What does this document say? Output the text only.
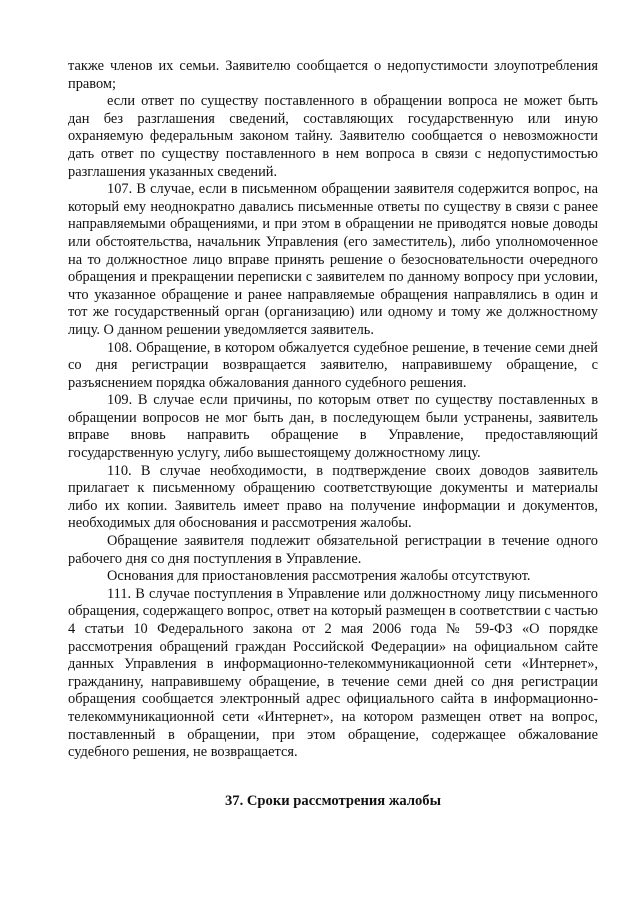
также членов их семьи. Заявителю сообщается о недопустимости злоупотребления правом;

если ответ по существу поставленного в обращении вопроса не может быть дан без разглашения сведений, составляющих государственную или иную охраняемую федеральным законом тайну. Заявителю сообщается о невозможности дать ответ по существу поставленного в нем вопроса в связи с недопустимостью разглашения указанных сведений.

107. В случае, если в письменном обращении заявителя содержится вопрос, на который ему неоднократно давались письменные ответы по существу в связи с ранее направляемыми обращениями, и при этом в обращении не приводятся новые доводы или обстоятельства, начальник Управления (его заместитель), либо уполномоченное на то должностное лицо вправе принять решение о безосновательности очередного обращения и прекращении переписки с заявителем по данному вопросу при условии, что указанное обращение и ранее направляемые обращения направлялись в один и тот же государственный орган (организацию) или одному и тому же должностному лицу. О данном решении уведомляется заявитель.

108. Обращение, в котором обжалуется судебное решение, в течение семи дней со дня регистрации возвращается заявителю, направившему обращение, с разъяснением порядка обжалования данного судебного решения.

109. В случае если причины, по которым ответ по существу поставленных в обращении вопросов не мог быть дан, в последующем были устранены, заявитель вправе вновь направить обращение в Управление, предоставляющий государственную услугу, либо вышестоящему должностному лицу.

110. В случае необходимости, в подтверждение своих доводов заявитель прилагает к письменному обращению соответствующие документы и материалы либо их копии. Заявитель имеет право на получение информации и документов, необходимых для обоснования и рассмотрения жалобы.

Обращение заявителя подлежит обязательной регистрации в течение одного рабочего дня со дня поступления в Управление.

Основания для приостановления рассмотрения жалобы отсутствуют.

111. В случае поступления в Управление или должностному лицу письменного обращения, содержащего вопрос, ответ на который размещен в соответствии с частью 4 статьи 10 Федерального закона от 2 мая 2006 года № 59-ФЗ «О порядке рассмотрения обращений граждан Российской Федерации» на официальном сайте данных Управления в информационно-телекоммуникационной сети «Интернет», гражданину, направившему обращение, в течение семи дней со дня регистрации обращения сообщается электронный адрес официального сайта в информационно-телекоммуникационной сети «Интернет», на котором размещен ответ на вопрос, поставленный в обращении, при этом обращение, содержащее обжалование судебного решения, не возвращается.

37. Сроки рассмотрения жалобы
